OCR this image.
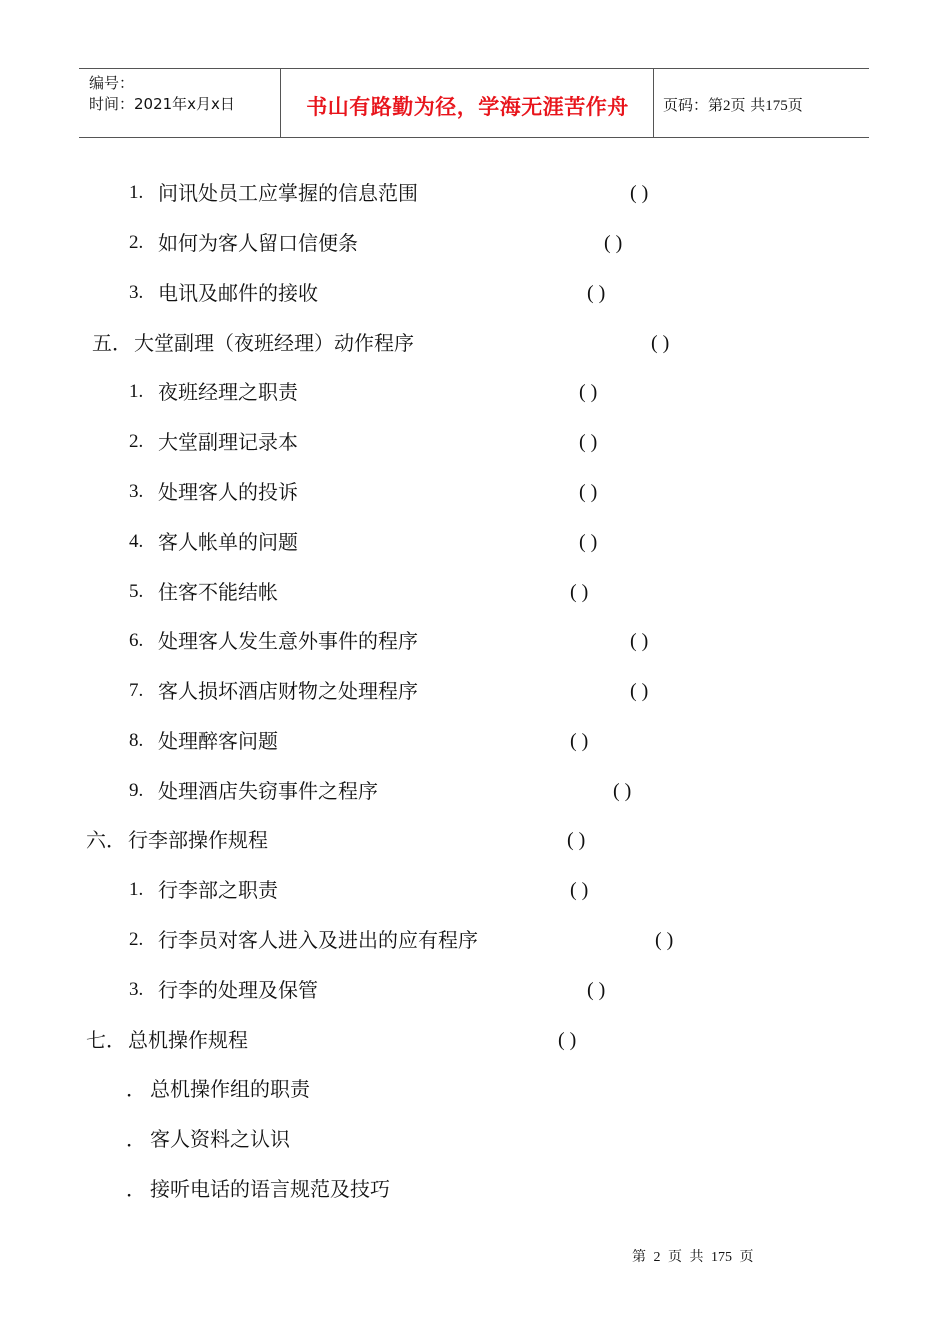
编号：
时间：2021年x月x日	书山有路勤为径，学海无涯苦作舟	页码：第2页 共175页
1. 问讯处员工应掌握的信息范围	( )
2. 如何为客人留口信便条	( )
3. 电讯及邮件的接收	( )
五． 大堂副理（夜班经理）动作程序	( )
1. 夜班经理之职责	( )
2. 大堂副理记录本	( )
3. 处理客人的投诉	( )
4. 客人帐单的问题	( )
5. 住客不能结帐	( )
6. 处理客人发生意外事件的程序	( )
7. 客人损坏酒店财物之处理程序	( )
8. 处理醉客问题	( )
9. 处理酒店失窃事件之程序	( )
六． 行李部操作规程	( )
1. 行李部之职责	( )
2. 行李员对客人进入及进出的应有程序	( )
3. 行李的处理及保管	( )
七． 总机操作规程	( )
． 总机操作组的职责
． 客人资料之认识
． 接听电话的语言规范及技巧
第 2 页 共 175 页
